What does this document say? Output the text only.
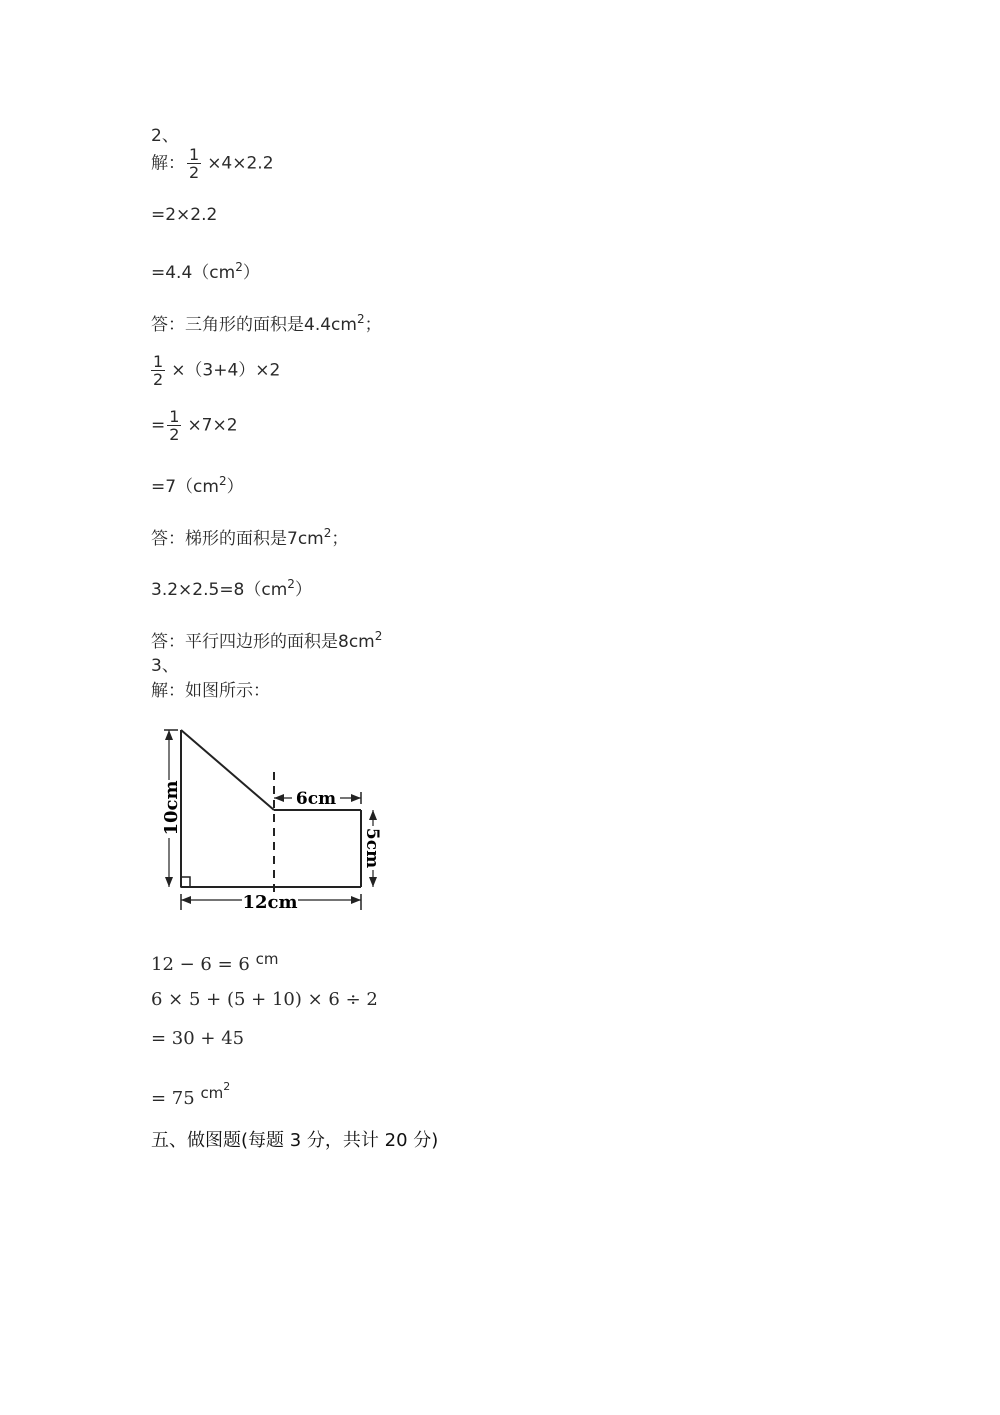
2、
解： $\frac{1}{2} \times 4\times 2.2$
=2×2.2
$=4.4(cm^2)$
答：三角形的面积是$4.4cm^2$；
$\frac{1}{2} \times(3+4)\times 2$
= $\frac{1}{2} \times 7\times 2$
$=7(cm^2)$
答：梯形的面积是$7cm^2$；
$3.2\times 2.5=8(cm^2)$
答：平行四边形的面积是$8cm^2$
3、
解：如图所示：
10cm	6cm
5cm
12cm
12 − 6 = 6 $^{cm}$
6 × 5 + (5 + 10) × 6 ÷ 2
= 30 + 45
= 75 $^{cm2}$
五、做图题(每题 3 分，共计 20 分)
